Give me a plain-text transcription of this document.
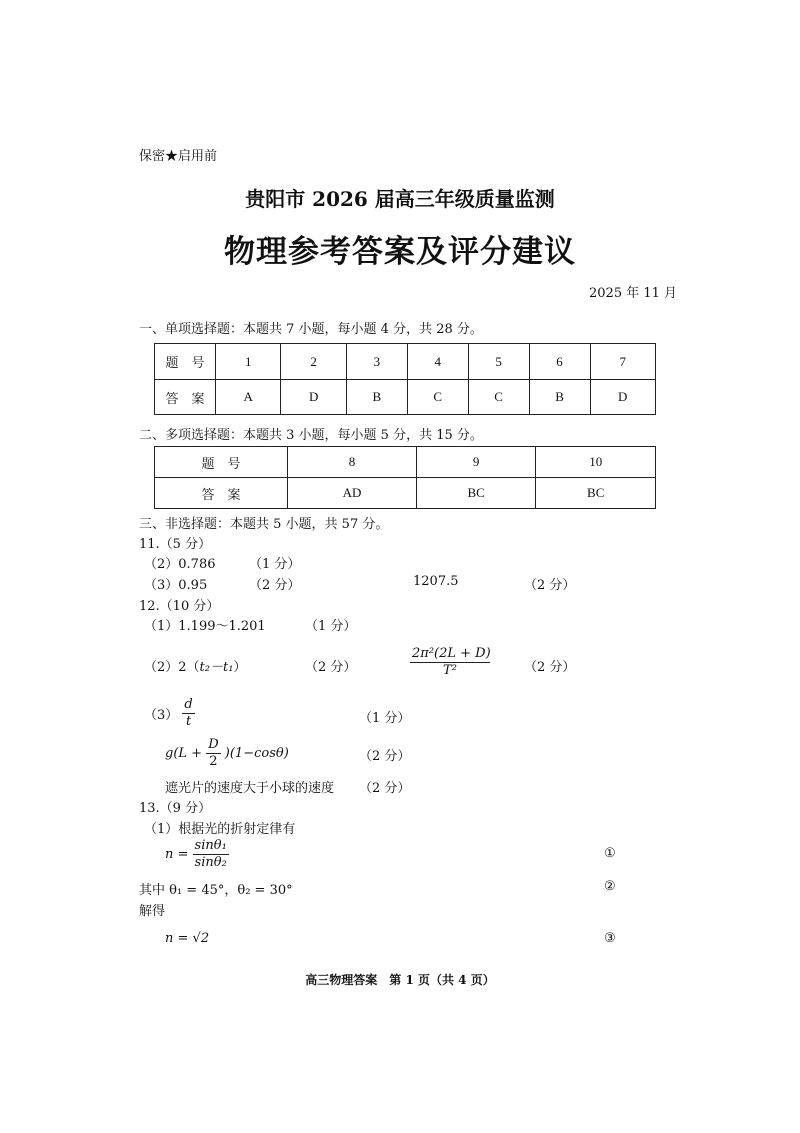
保密★启用前
贵阳市 2026 届高三年级质量监测
物理参考答案及评分建议
2025 年 11 月
一、单项选择题：本题共 7 小题，每小题 4 分，共 28 分。
题　号	1	2	3	4	5	6	7
答　案	A	D	B	C	C	B	D
二、多项选择题：本题共 3 小题，每小题 5 分，共 15 分。
题　号	8	9	10
答　案	AD	BC	BC
三、非选择题：本题共 5 小题，共 57 分。
11.（5 分）
（2）0.786	（1 分）
（3）0.95	（2 分）	1207.5	（2 分）
12.（10 分）
（1）1.199～1.201	（1 分）
（2）2（t₂－t₁）	（2 分）	$\frac{\text{2π²(2L + D)}}{\text{T²}}$	（2 分）
$(3) \frac{d}{t}$	（1 分）
$g(L + \frac{D}{2} )(1-\cos\theta)$	（2 分）
遮光片的速度大于小球的速度 （2 分）
13.（9 分）
（1）根据光的折射定律有
$n = \frac{\text{sinθ₁}}{\text{sinθ₂}}$	①
其中 θ₁ = 45°，θ₂ = 30°	②
解得
n = √2	③
高三物理答案　第 1 页（共 4 页）
